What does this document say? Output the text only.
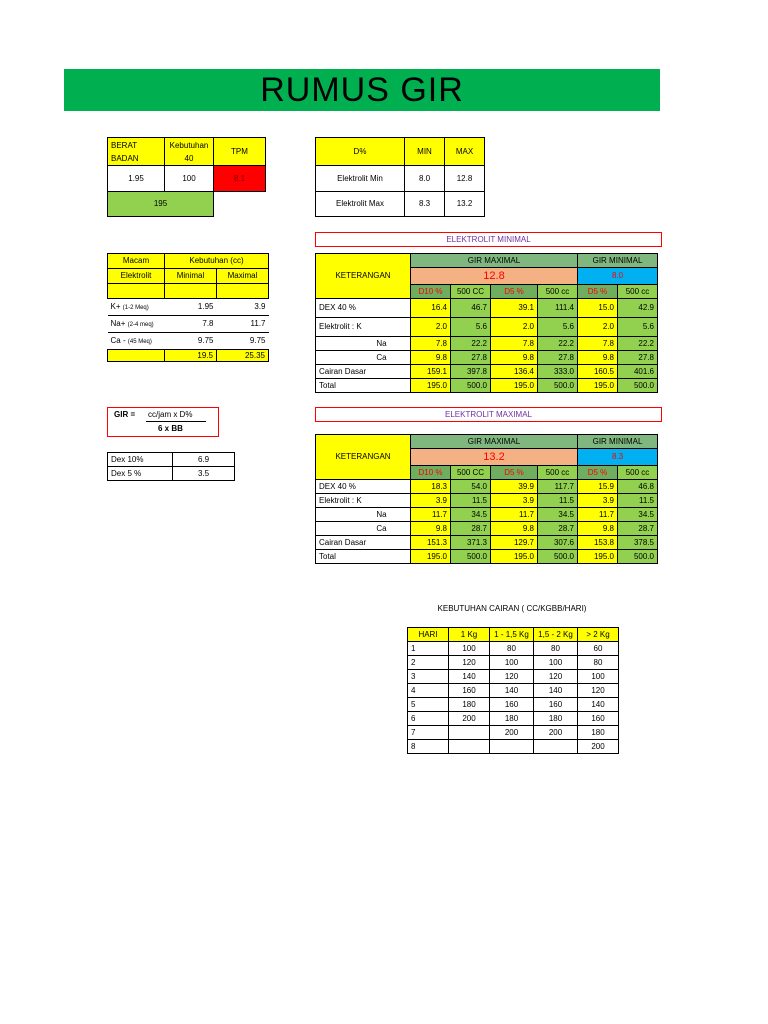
RUMUS GIR
BERAT BADAN	Kebutuhan 40	TPM
1.95	100	8.1
195		
D%	MIN	MAX
Elektrolit Min	8.0	12.8
Elektrolit Max	8.3	13.2
Macam	Kebutuhan (cc)	
Elektrolit	Minimal	Maximal

K+ (1-2 Meq)	1.95	3.9
Na+ (2-4 meq)	7.8	11.7
Ca - (45 Meq)	9.75	9.75
	19.5	25.35
GIR = cc/jam x D%
6 x BB
Dex 10%	6.9
Dex 5 %	3.5
ELEKTROLIT MINIMAL
KETERANGAN	GIR MAXIMAL				GIR MINIMAL	
	12.8				8.0	
	D10 %	500 CC	D5 %	500 cc	D5 %	500 cc
DEX 40 %	16.4	46.7	39.1	111.4	15.0	42.9
Elektrolit : K	2.0	5.6	2.0	5.6	2.0	5.6
Na	7.8	22.2	7.8	22.2	7.8	22.2
Ca	9.8	27.8	9.8	27.8	9.8	27.8
Cairan Dasar	159.1	397.8	136.4	333.0	160.5	401.6
Total	195.0	500.0	195.0	500.0	195.0	500.0
ELEKTROLIT MAXIMAL
KETERANGAN	GIR MAXIMAL				GIR MINIMAL	
	13.2				8.3	
	D10 %	500 CC	D5 %	500 cc	D5 %	500 cc
DEX 40 %	18.3	54.0	39.9	117.7	15.9	46.8
Elektrolit : K	3.9	11.5	3.9	11.5	3.9	11.5
Na	11.7	34.5	11.7	34.5	11.7	34.5
Ca	9.8	28.7	9.8	28.7	9.8	28.7
Cairan Dasar	151.3	371.3	129.7	307.6	153.8	378.5
Total	195.0	500.0	195.0	500.0	195.0	500.0
KEBUTUHAN CAIRAN ( CC/KGBB/HARI)
HARI	1 Kg	1 - 1,5 Kg	1,5 - 2 Kg	> 2 Kg
1	100	80	80	60
2	120	100	100	80
3	140	120	120	100
4	160	140	140	120
5	180	160	160	140
6	200	180	180	160
7		200	200	180
8				200
